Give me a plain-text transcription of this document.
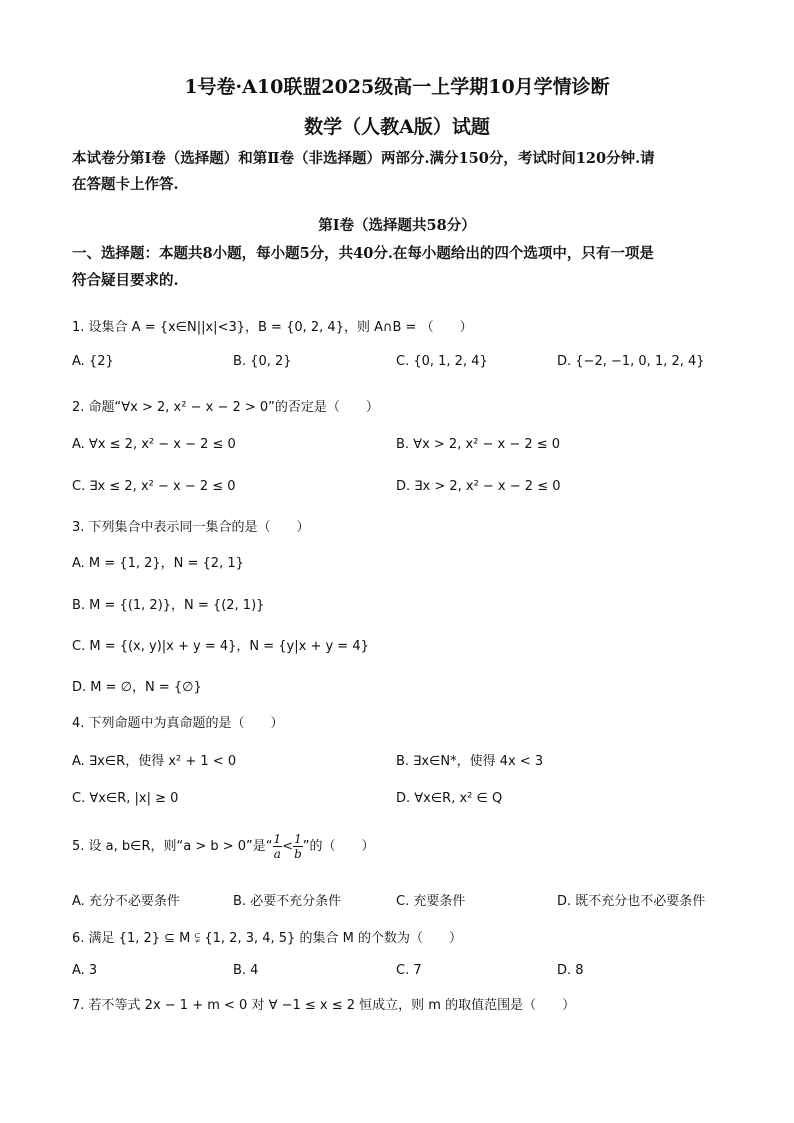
1号卷·A10联盟2025级高一上学期10月学情诊断
数学（人教A版）试题
本试卷分第Ⅰ卷（选择题）和第Ⅱ卷（非选择题）两部分.满分150分，考试时间120分钟.请
在答题卡上作答.
第Ⅰ卷（选择题共58分）
一、选择题：本题共8小题，每小题5分，共40分.在每小题给出的四个选项中，只有一项是
符合疑目要求的.
1. 设集合 A = {x∈N||x|<3}，B = {0, 2, 4}，则 A∩B = （　　）
A. {2}	B. {0, 2}	C. {0, 1, 2, 4}	D. {−2, −1, 0, 1, 2, 4}
2. 命题“∀x > 2, x² − x − 2 > 0”的否定是（　　）
A. ∀x ≤ 2, x² − x − 2 ≤ 0	B. ∀x > 2, x² − x − 2 ≤ 0
C. ∃x ≤ 2, x² − x − 2 ≤ 0	D. ∃x > 2, x² − x − 2 ≤ 0
3. 下列集合中表示同一集合的是（　　）
A. M = {1, 2}，N = {2, 1}
B. M = {(1, 2)}，N = {(2, 1)}
C. M = {(x, y)|x + y = 4}，N = {y|x + y = 4}
D. M = ∅，N = {∅}
4. 下列命题中为真命题的是（　　）
A. ∃x∈R，使得 x² + 1 < 0	B. ∃x∈N*，使得 4x < 3
C. ∀x∈R, |x| ≥ 0	D. ∀x∈R, x² ∈ Q
5. 设 a, b∈R，则“a > b > 0”是“ $\frac{1}{a} < \frac{1}{b}$ ”的（　　）
A. 充分不必要条件	B. 必要不充分条件	C. 充要条件	D. 既不充分也不必要条件
6. 满足 {1, 2} ⊆ M ⫋ {1, 2, 3, 4, 5} 的集合 M 的个数为（　　）
A. 3	B. 4	C. 7	D. 8
7. 若不等式 2x − 1 + m < 0 对 ∀ −1 ≤ x ≤ 2 恒成立，则 m 的取值范围是（　　）
